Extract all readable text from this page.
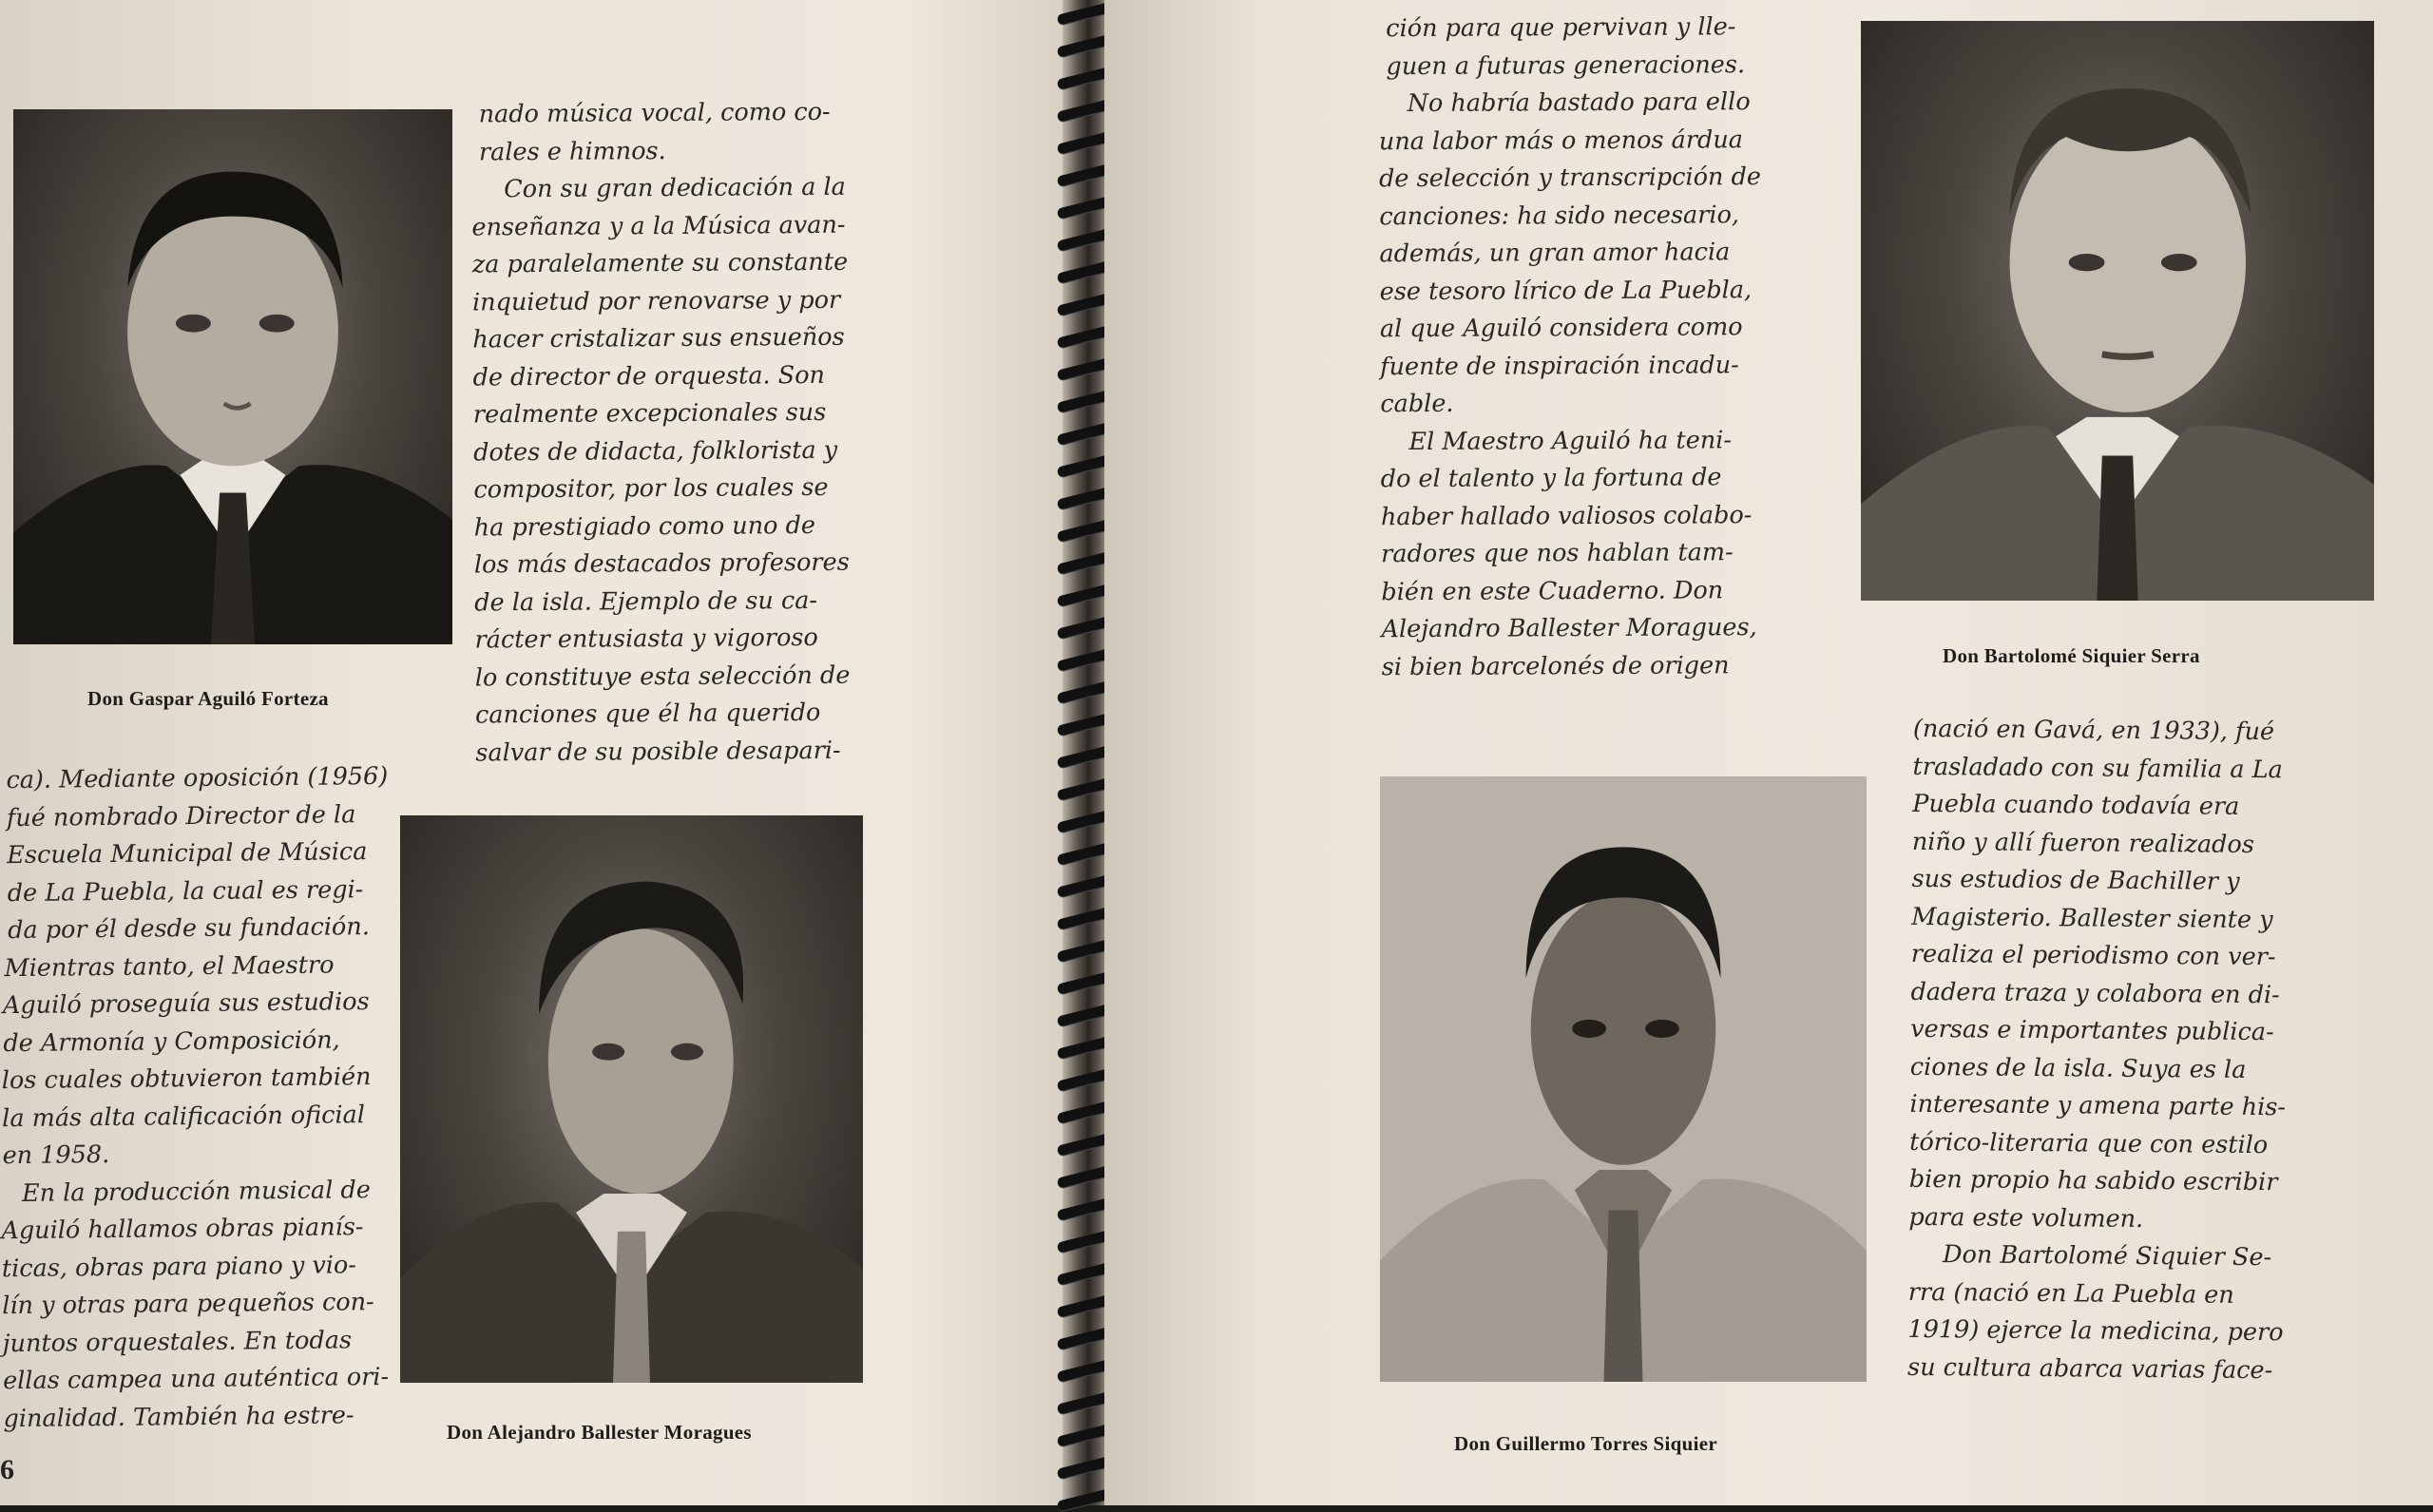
Don Gaspar Aguiló Forteza

nado música vocal, como co-

rales e himnos.

Con su gran dedicación a la

enseñanza y a la Música avan-

za paralelamente su constante

inquietud por renovarse y por

hacer cristalizar sus ensueños

de director de orquesta. Son

realmente excepcionales sus

dotes de didacta, folklorista y

compositor, por los cuales se

ha prestigiado como uno de

los más destacados profesores

de la isla. Ejemplo de su ca-

rácter entusiasta y vigoroso

lo constituye esta selección de

canciones que él ha querido

salvar de su posible desapari-

ca). Mediante oposición (1956)

fué nombrado Director de la

Escuela Municipal de Música

de La Puebla, la cual es regi-

da por él desde su fundación.

Mientras tanto, el Maestro

Aguiló proseguía sus estudios

de Armonía y Composición,

los cuales obtuvieron también

la más alta calificación oficial

en 1958.

En la producción musical de

Aguiló hallamos obras pianís-

ticas, obras para piano y vio-

lín y otras para pequeños con-

juntos orquestales. En todas

ellas campea una auténtica ori-

ginalidad. También ha estre-	Don Alejandro Ballester Moragues
6

ción para que pervivan y lle-

guen a futuras generaciones.

No habría bastado para ello

una labor más o menos árdua

de selección y transcripción de

canciones: ha sido necesario,

además, un gran amor hacia

ese tesoro lírico de La Puebla,

al que Aguiló considera como

fuente de inspiración incadu-

cable.

El Maestro Aguiló ha teni-

do el talento y la fortuna de

haber hallado valiosos colabo-

radores que nos hablan tam-

bién en este Cuaderno. Don

Alejandro Ballester Moragues,

si bien barcelonés de origen	Don Bartolomé Siquier Serra
Don Guillermo Torres Siquier

(nació en Gavá, en 1933), fué

trasladado con su familia a La

Puebla cuando todavía era

niño y allí fueron realizados

sus estudios de Bachiller y

Magisterio. Ballester siente y

realiza el periodismo con ver-

dadera traza y colabora en di-

versas e importantes publica-

ciones de la isla. Suya es la

interesante y amena parte his-

tórico-literaria que con estilo

bien propio ha sabido escribir

para este volumen.

Don Bartolomé Siquier Se-

rra (nació en La Puebla en

1919) ejerce la medicina, pero

su cultura abarca varias face-
